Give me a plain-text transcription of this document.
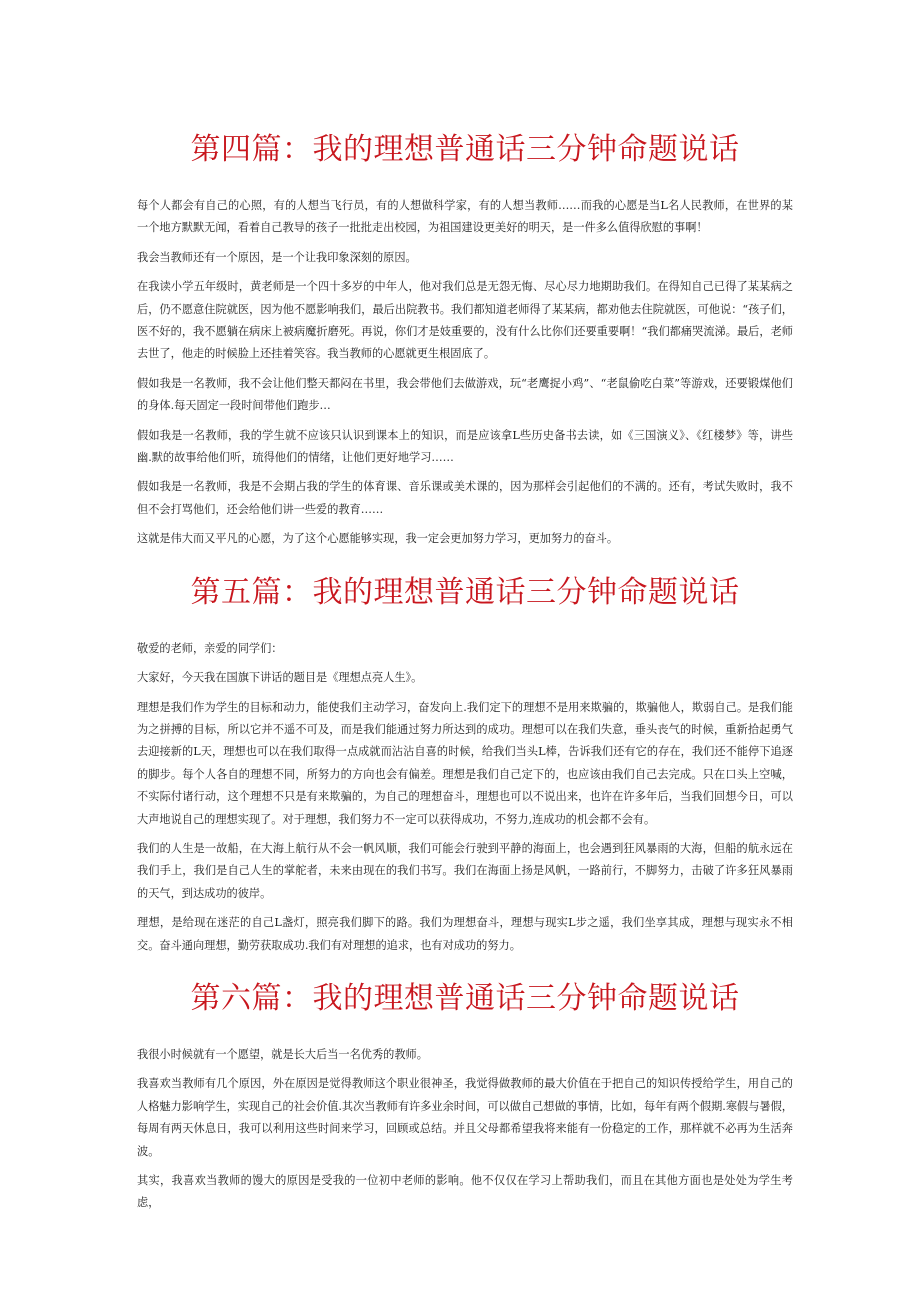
第四篇：我的理想普通话三分钟命题说话

每个人都会有自己的心照，有的人想当飞行员，有的人想做科学家，有的人想当教师……而我的心愿是当L名人民教师，在世界的某一个地方默默无闻，看着自己教导的孩子一批批走出校园，为祖国建设更美好的明天，是一件多么值得欣慰的事啊！

我会当教师还有一个原因，是一个让我印象深刻的原因。

在我读小学五年级时，黄老师是一个四十多岁的中年人，他对我们总是无怨无悔、尽心尽力地期助我们。在得知自己已得了某某病之后，仍不愿意住院就医，因为他不愿影响我们，最后出院教书。我们都知道老师得了某某病，都劝他去住院就医，可他说：“孩子们，医不好的，我不愿躺在病床上被病魔折磨死。再说，你们才是妓重要的，没有什么比你们还要重要啊！“我们都痛哭流涕。最后，老师去世了，他走的时候脸上还挂着笑容。我当教师的心愿就更生根固底了。

假如我是一名教师，我不会让他们整天都闷在书里，我会带他们去做游戏，玩“老鹰捉小鸡”、“老鼠偷吃白菜”等游戏，还要锻煤他们的身体.每天固定一段时间带他们跑步…

假如我是一名教师，我的学生就不应该只认识到课本上的知识，而是应该拿L些历史备书去读，如《三国演义》、《红楼梦》等，讲些幽.默的故事给他们听，琉得他们的情绪，让他们更好地学习……

假如我是一名教师，我是不会期占我的学生的体育课、音乐课或美术课的，因为那样会引起他们的不满的。还有，考试失败时，我不但不会打骂他们，还会给他们讲一些爱的教育……

这就是伟大而又平凡的心愿，为了这个心愿能够实现，我一定会更加努力学习，更加努力的奋斗。

第五篇：我的理想普通话三分钟命题说话

敬爱的老师，亲爱的同学们：

大家好，今天我在国旗下讲话的题目是《理想点亮人生》。

理想是我们作为学生的目标和动力，能使我们主动学习，奋发向上.我们定下的理想不是用来欺骗的，欺骗他人，欺弱自己。是我们能为之拼搏的目标，所以它并不遥不可及，而是我们能通过努力所达到的成功。理想可以在我们失意，垂头丧气的时候，重新拾起勇气去迎接新的L天，理想也可以在我们取得一点成就而沾沾自喜的时候，给我们当头L棒，告诉我们还有它的存在，我们还不能停下追逐的脚步。每个人各自的理想不同，所努力的方向也会有偏差。理想是我们自己定下的，也应该由我们自己去完成。只在口头上空喊，不实际付诸行动，这个理想不只是有来欺骗的，为自己的理想奋斗，理想也可以不说出来，也许在许多年后，当我们回想今日，可以大声地说自己的理想实现了。对于理想，我们努力不一定可以获得成功，不努力,连成功的机会都不会有。

我们的人生是一故船，在大海上航行从不会一帆风顺，我们可能会行驶到平静的海面上，也会遇到狂风暴雨的大海，但船的航永远在我们手上，我们是自己人生的掌舵者，未来由现在的我们书写。我们在海面上扬是风帆，一路前行，不脚努力，击破了许多狂风暴雨的天气，到达成功的彼岸。

理想，是给现在迷茫的自己L盏灯，照亮我们脚下的路。我们为理想奋斗，理想与现实L步之遥，我们坐享其成，理想与现实永不相交。奋斗通向理想，勤劳获取成功.我们有对理想的追求，也有对成功的努力。

第六篇：我的理想普通话三分钟命题说话

我很小时候就有一个愿望，就是长大后当一名优秀的教师。

我喜欢当教师有几个原因，外在原因是觉得教师这个职业很神圣，我觉得做教师的最大价值在于把自己的知识传授给学生，用自己的人格魅力影响学生，实现自己的社会价值.其次当教师有许多业余时间，可以做自己想做的事情，比如，每年有两个假期.寒假与暑假，每周有两天休息日，我可以利用这些时间来学习，回顾或总结。并且父母都希望我将来能有一份稳定的工作，那样就不必再为生活奔波。

其实，我喜欢当教师的馒大的原因是受我的一位初中老师的影响。他不仅仅在学习上帮助我们，而且在其他方面也是处处为学生考虑，
